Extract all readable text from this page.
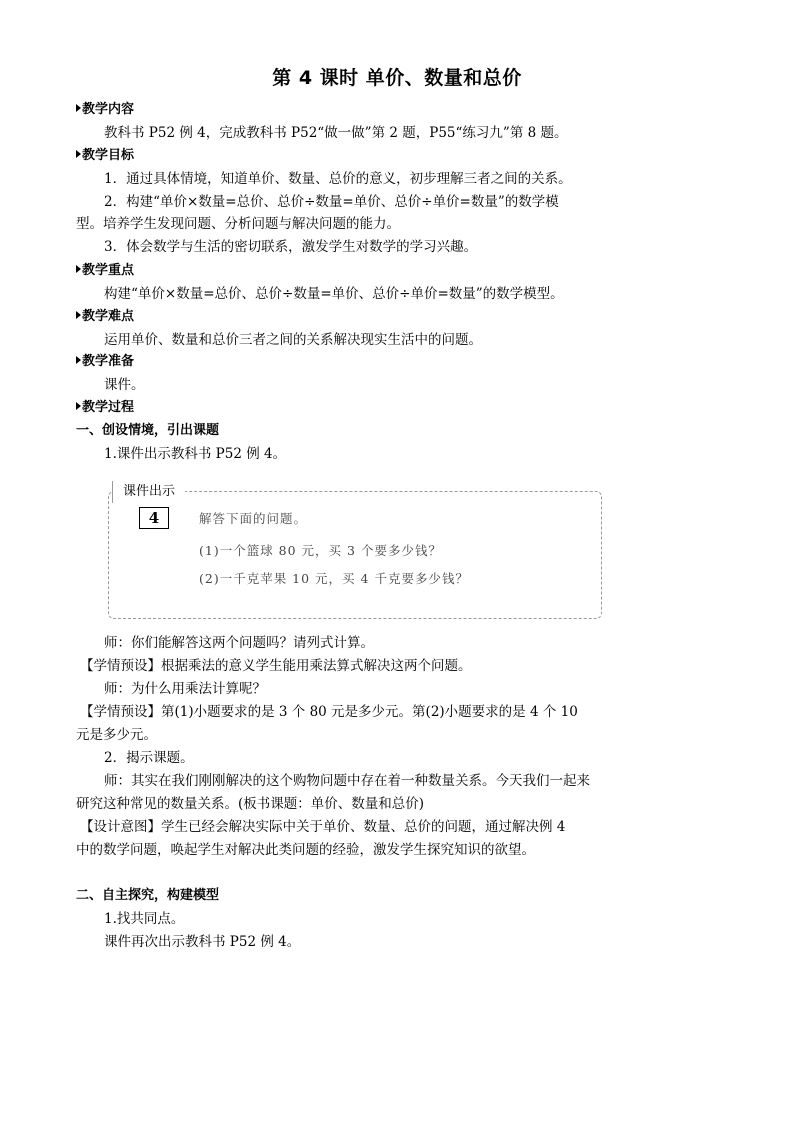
第 4 课时 单价、数量和总价
教学内容
教科书 P52 例 4，完成教科书 P52“做一做”第 2 题，P55“练习九”第 8 题。
教学目标
1．通过具体情境，知道单价、数量、总价的意义，初步理解三者之间的关系。
2．构建“单价×数量=总价、总价÷数量=单价、总价÷单价=数量”的数学模
型。培养学生发现问题、分析问题与解决问题的能力。
3．体会数学与生活的密切联系，激发学生对数学的学习兴趣。
教学重点
构建“单价×数量=总价、总价÷数量=单价、总价÷单价=数量”的数学模型。
教学难点
运用单价、数量和总价三者之间的关系解决现实生活中的问题。
教学准备
课件。
教学过程
一、创设情境，引出课题
1.课件出示教科书 P52 例 4。
课件出示
4	解答下面的问题。
(1)一个篮球 80 元，买 3 个要多少钱？
(2)一千克苹果 10 元，买 4 千克要多少钱？
师：你们能解答这两个问题吗？请列式计算。
【学情预设】根据乘法的意义学生能用乘法算式解决这两个问题。
师：为什么用乘法计算呢？
【学情预设】第(1)小题要求的是 3 个 80 元是多少元。第(2)小题要求的是 4 个 10
元是多少元。
2．揭示课题。
师：其实在我们刚刚解决的这个购物问题中存在着一种数量关系。今天我们一起来
研究这种常见的数量关系。(板书课题：单价、数量和总价)
【设计意图】学生已经会解决实际中关于单价、数量、总价的问题，通过解决例 4
中的数学问题，唤起学生对解决此类问题的经验，激发学生探究知识的欲望。
二、自主探究，构建模型
1.找共同点。
课件再次出示教科书 P52 例 4。
